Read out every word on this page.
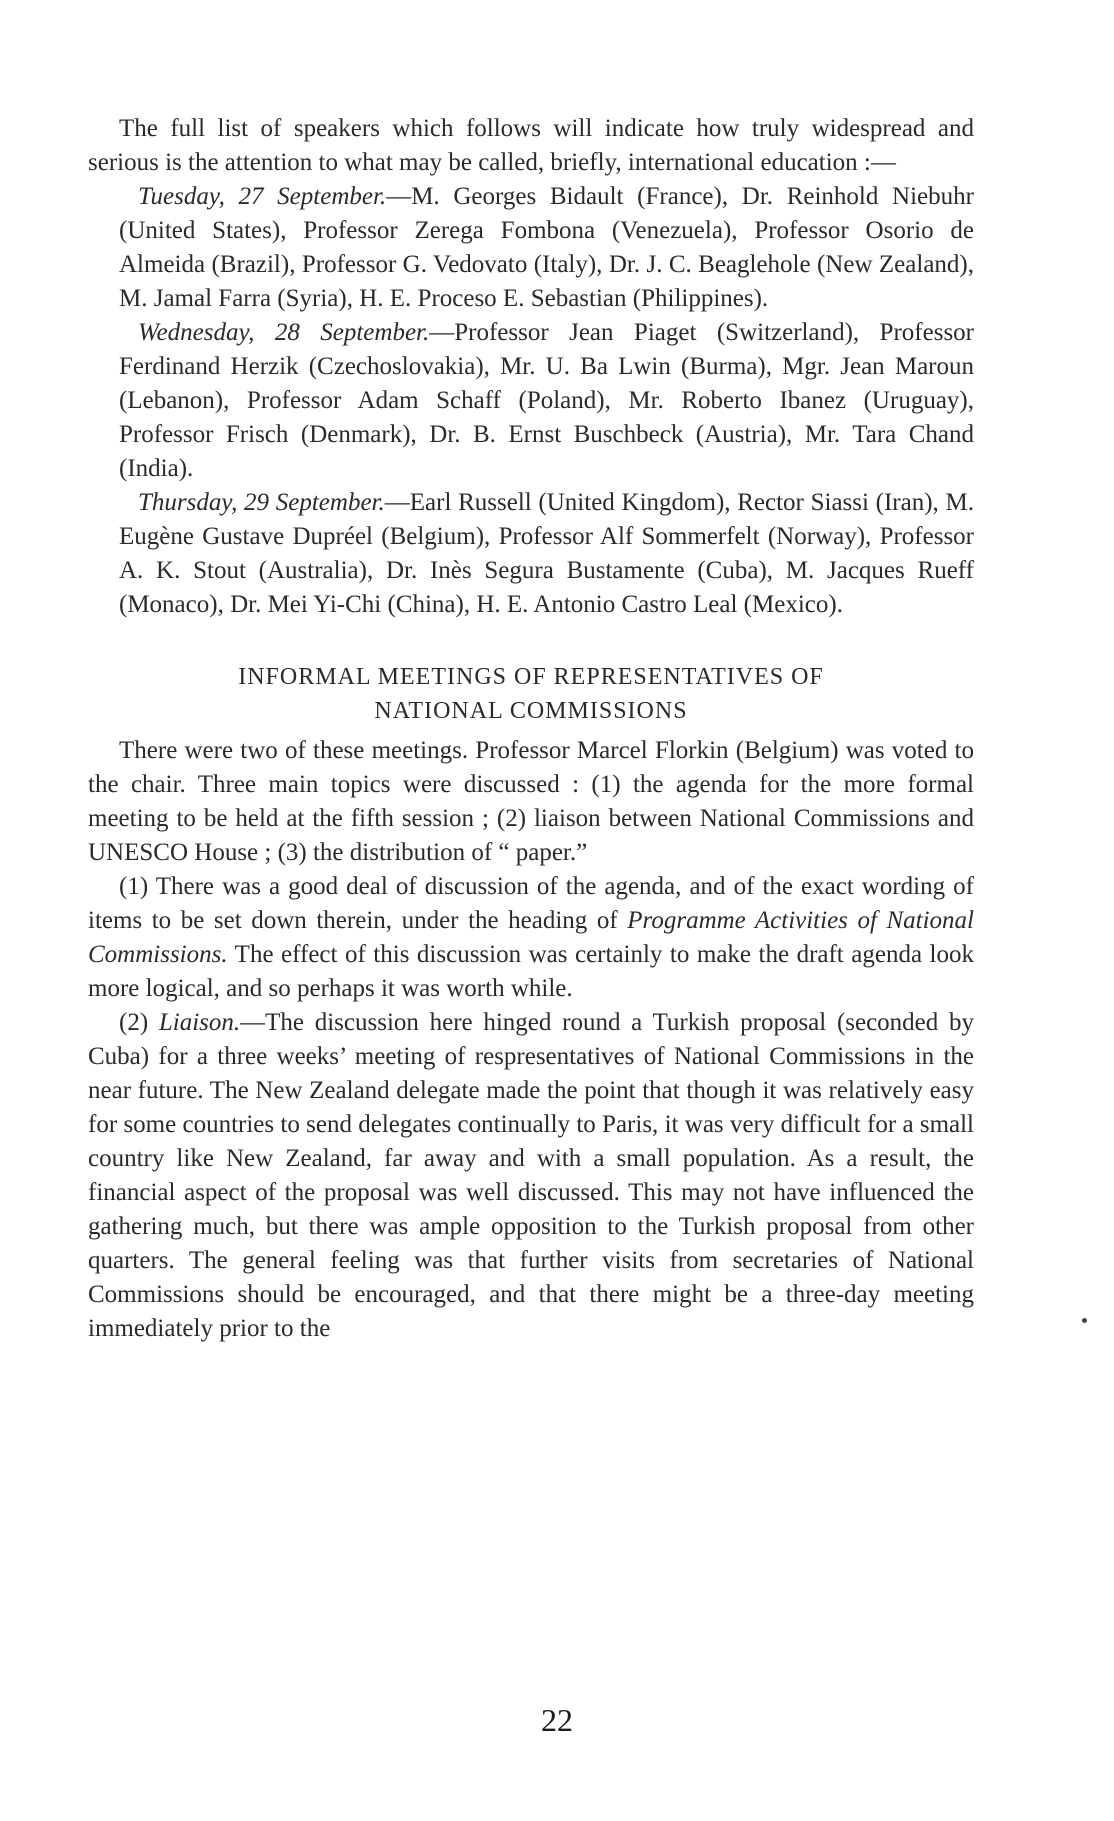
The full list of speakers which follows will indicate how truly widespread and serious is the attention to what may be called, briefly, international education :—

Tuesday, 27 September.—M. Georges Bidault (France), Dr. Reinhold Niebuhr (United States), Professor Zerega Fombona (Venezuela), Professor Osorio de Almeida (Brazil), Professor G. Vedovato (Italy), Dr. J. C. Beaglehole (New Zealand), M. Jamal Farra (Syria), H. E. Proceso E. Sebastian (Philippines).

Wednesday, 28 September.—Professor Jean Piaget (Switzerland), Professor Ferdinand Herzik (Czechoslovakia), Mr. U. Ba Lwin (Burma), Mgr. Jean Maroun (Lebanon), Professor Adam Schaff (Poland), Mr. Roberto Ibanez (Uruguay), Professor Frisch (Denmark), Dr. B. Ernst Buschbeck (Austria), Mr. Tara Chand (India).

Thursday, 29 September.—Earl Russell (United Kingdom), Rector Siassi (Iran), M. Eugène Gustave Dupréel (Belgium), Professor Alf Sommerfelt (Norway), Professor A. K. Stout (Australia), Dr. Inès Segura Bustamente (Cuba), M. Jacques Rueff (Monaco), Dr. Mei Yi-Chi (China), H. E. Antonio Castro Leal (Mexico).

INFORMAL MEETINGS OF REPRESENTATIVES OF
NATIONAL COMMISSIONS

There were two of these meetings. Professor Marcel Florkin (Belgium) was voted to the chair. Three main topics were discussed : (1) the agenda for the more formal meeting to be held at the fifth session ; (2) liaison between National Commissions and UNESCO House ; (3) the distribution of “ paper.”

(1) There was a good deal of discussion of the agenda, and of the exact wording of items to be set down therein, under the heading of Programme Activities of National Commissions. The effect of this discussion was certainly to make the draft agenda look more logical, and so perhaps it was worth while.

(2) Liaison.—The discussion here hinged round a Turkish proposal (seconded by Cuba) for a three weeks’ meeting of respresentatives of National Commissions in the near future. The New Zealand delegate made the point that though it was relatively easy for some countries to send delegates continually to Paris, it was very difficult for a small country like New Zealand, far away and with a small population. As a result, the financial aspect of the proposal was well discussed. This may not have influenced the gathering much, but there was ample opposition to the Turkish proposal from other quarters. The general feeling was that further visits from secretaries of National Commissions should be encouraged, and that there might be a three-day meeting immediately prior to the

22
